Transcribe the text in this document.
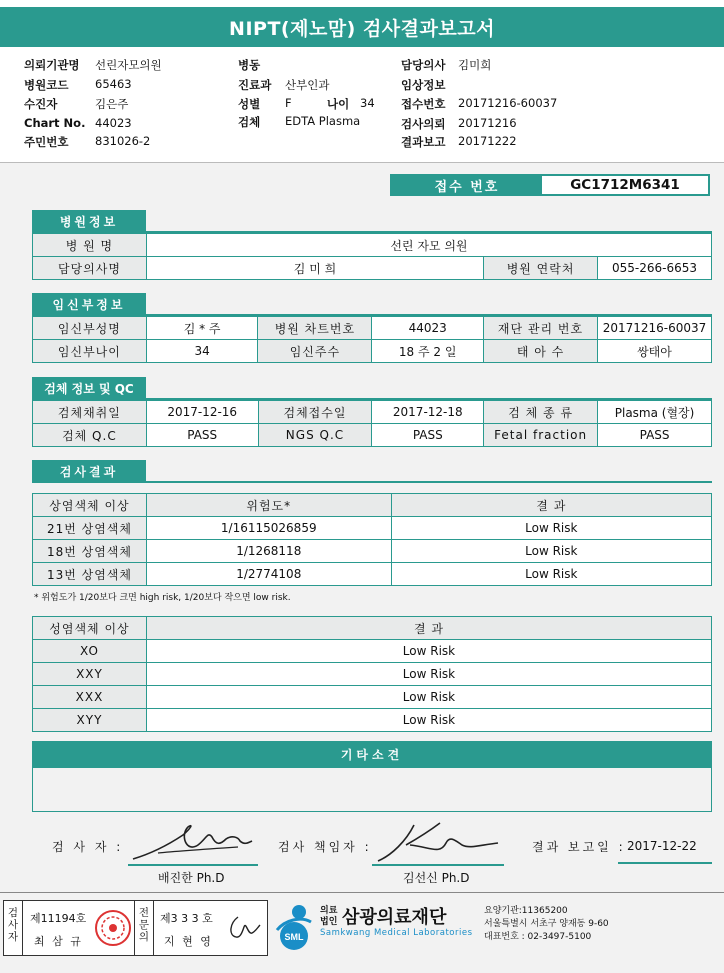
NIPT(제노맘) 검사결과보고서
의뢰기관명 선린자모의원
병원코드 65463
수진자	김은주
Chart No. 44023
주민번호 831026-2
병동
진료과 산부인과
성별 F	나이 34
검체 EDTA Plasma
담당의사 김미희
임상정보
접수번호 20171216-60037
검사의뢰 20171216
결과보고 20171222
접수 번호	GC1712M6341
병원정보
병 원 명	선린 자모 의원		
담당의사명	김 미 희	병원 연락처	055-266-6653
임신부정보
임신부성명	김 * 주	병원 차트번호	44023	재단 관리 번호	20171216-60037
임신부나이	34	임신주수	18 주 2 일	태 아 수	쌍태아
검체 정보 및 QC
검체채취일	2017-12-16	검체접수일	2017-12-18	검 체 종 류	Plasma (혈장)
검체 Q.C	PASS	NGS Q.C	PASS	Fetal fraction	PASS
검사결과
상염색체 이상	위험도*	결 과
21번 상염색체	1/16115026859	Low Risk
18번 상염색체	1/1268118	Low Risk
13번 상염색체	1/2774108	Low Risk
* 위험도가 1/20보다 크면 high risk, 1/20보다 작으면 low risk.
성염색체 이상	결 과
XO	Low Risk
XXY	Low Risk
XXX	Low Risk
XYY	Low Risk
기타소견
검 사 자 :
배진한 Ph.D
검사 책임자 :
김선신 Ph.D
결과 보고일 : 2017-12-22
검사자
제11194호
최 삼 규
전문의
제3 3 3 호
지 현 영	SML
의료
법인 삼광의료재단
Samkwang Medical Laboratories
요양기관:11365200
서울특별시 서초구 양재동 9-60
대표번호 : 02-3497-5100
